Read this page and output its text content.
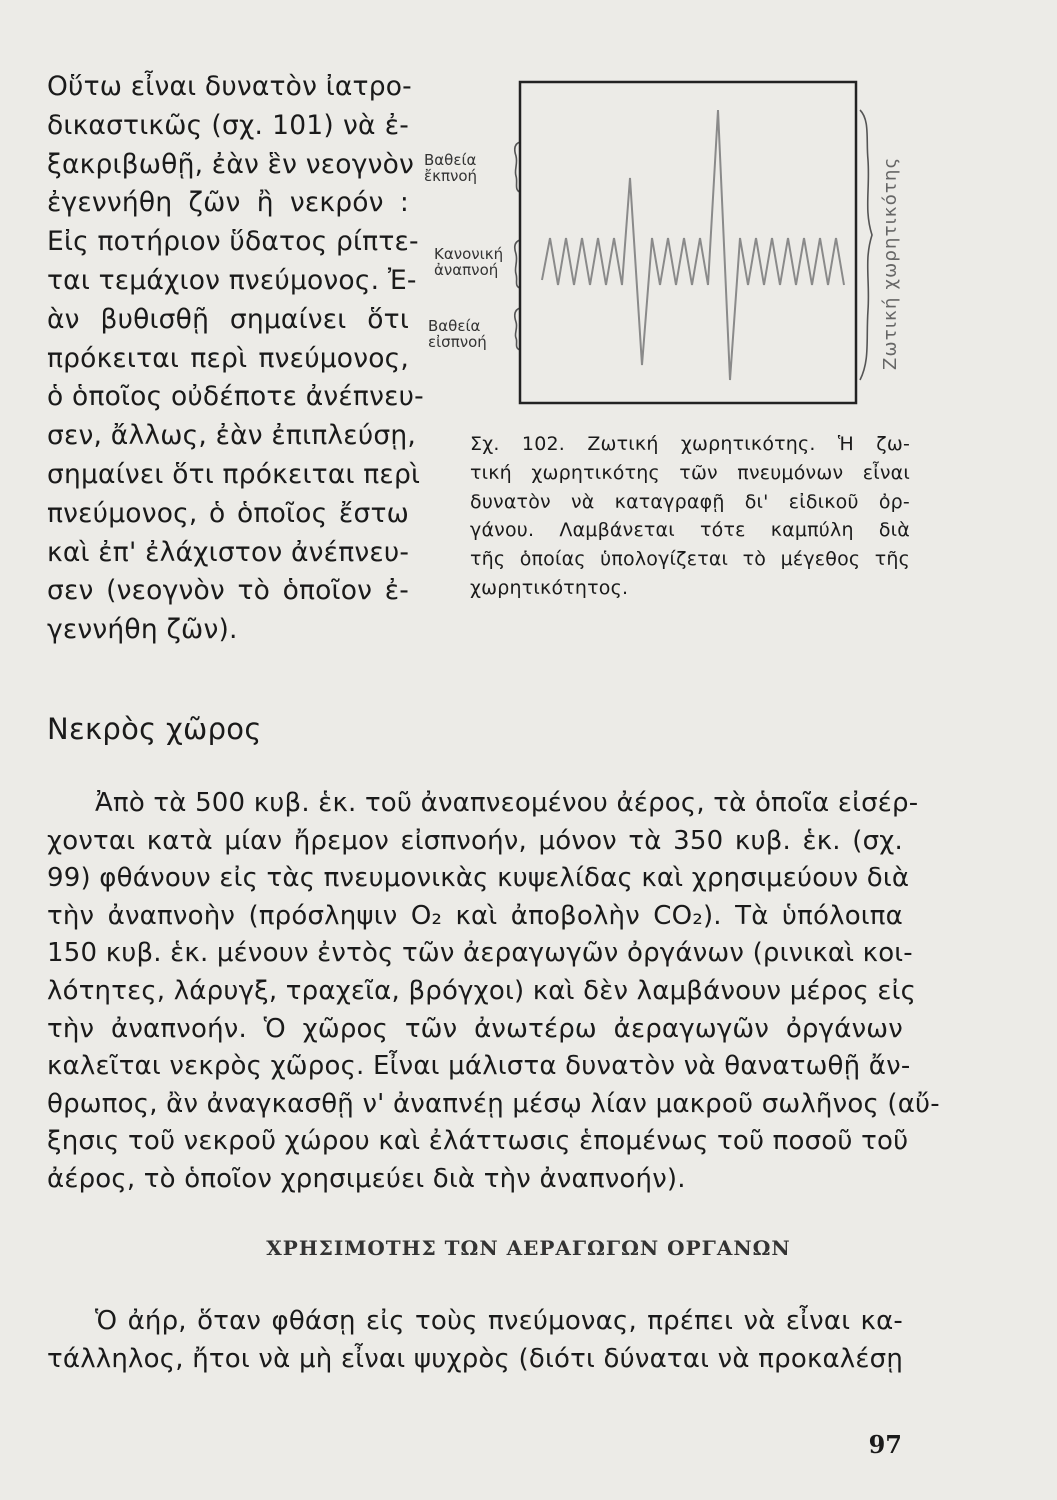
Οὕτω εἶναι δυνατὸν ἰατρο-
δικαστικῶς (σχ. 101) νὰ ἐ-
ξακριβωθῇ, ἐὰν ἓν νεογνὸν
ἐγεννήθη ζῶν ἢ νεκρόν :
Εἰς ποτήριον ὕδατος ρίπτε-
ται τεμάχιον πνεύμονος. Ἐ-
ὰν βυθισθῇ σημαίνει ὅτι
πρόκειται περὶ πνεύμονος,
ὁ ὁποῖος οὐδέποτε ἀνέπνευ-
σεν, ἄλλως, ἐὰν ἐπιπλεύσῃ,
σημαίνει ὅτι πρόκειται περὶ
πνεύμονος, ὁ ὁποῖος ἔστω
καὶ ἐπ' ἐλάχιστον ἀνέπνευ-
σεν (νεογνὸν τὸ ὁποῖον ἐ-
γεννήθη ζῶν).
Βαθεία
ἔκπνοή
Κανονική
ἀναπνοή
Βαθεία
εἰσπνοή	Ζωτική χωρητικότης
Σχ. 102. Ζωτική χωρητικότης. Ἡ ζω-
τική χωρητικότης τῶν πνευμόνων εἶναι
δυνατὸν νὰ καταγραφῇ δι' εἰδικοῦ ὀρ-
γάνου. Λαμβάνεται τότε καμπύλη διὰ
τῆς ὁποίας ὑπολογίζεται τὸ μέγεθος τῆς
χωρητικότητος.
Νεκρὸς χῶρος
Ἀπὸ τὰ 500 κυβ. ἑκ. τοῦ ἀναπνεομένου ἀέρος, τὰ ὁποῖα εἰσέρ-
χονται κατὰ μίαν ἤρεμον εἰσπνοήν, μόνον τὰ 350 κυβ. ἑκ. (σχ.
99) φθάνουν εἰς τὰς πνευμονικὰς κυψελίδας καὶ χρησιμεύουν διὰ
τὴν ἀναπνοὴν (πρόσληψιν O₂ καὶ ἀποβολὴν CO₂). Τὰ ὑπόλοιπα
150 κυβ. ἑκ. μένουν ἐντὸς τῶν ἀεραγωγῶν ὀργάνων (ρινικαὶ κοι-
λότητες, λάρυγξ, τραχεῖα, βρόγχοι) καὶ δὲν λαμβάνουν μέρος εἰς
τὴν ἀναπνοήν. Ὁ χῶρος τῶν ἀνωτέρω ἀεραγωγῶν ὀργάνων
καλεῖται νεκρὸς χῶρος. Εἶναι μάλιστα δυνατὸν νὰ θανατωθῇ ἄν-
θρωπος, ἂν ἀναγκασθῇ ν' ἀναπνέῃ μέσῳ λίαν μακροῦ σωλῆνος (αὔ-
ξησις τοῦ νεκροῦ χώρου καὶ ἐλάττωσις ἑπομένως τοῦ ποσοῦ τοῦ
ἀέρος, τὸ ὁποῖον χρησιμεύει διὰ τὴν ἀναπνοήν).
ΧΡΗΣΙΜΟΤΗΣ ΤΩΝ ΑΕΡΑΓΩΓΩΝ ΟΡΓΑΝΩΝ
Ὁ ἀήρ, ὅταν φθάσῃ εἰς τοὺς πνεύμονας, πρέπει νὰ εἶναι κα-
τάλληλος, ἤτοι νὰ μὴ εἶναι ψυχρὸς (διότι δύναται νὰ προκαλέσῃ
97
